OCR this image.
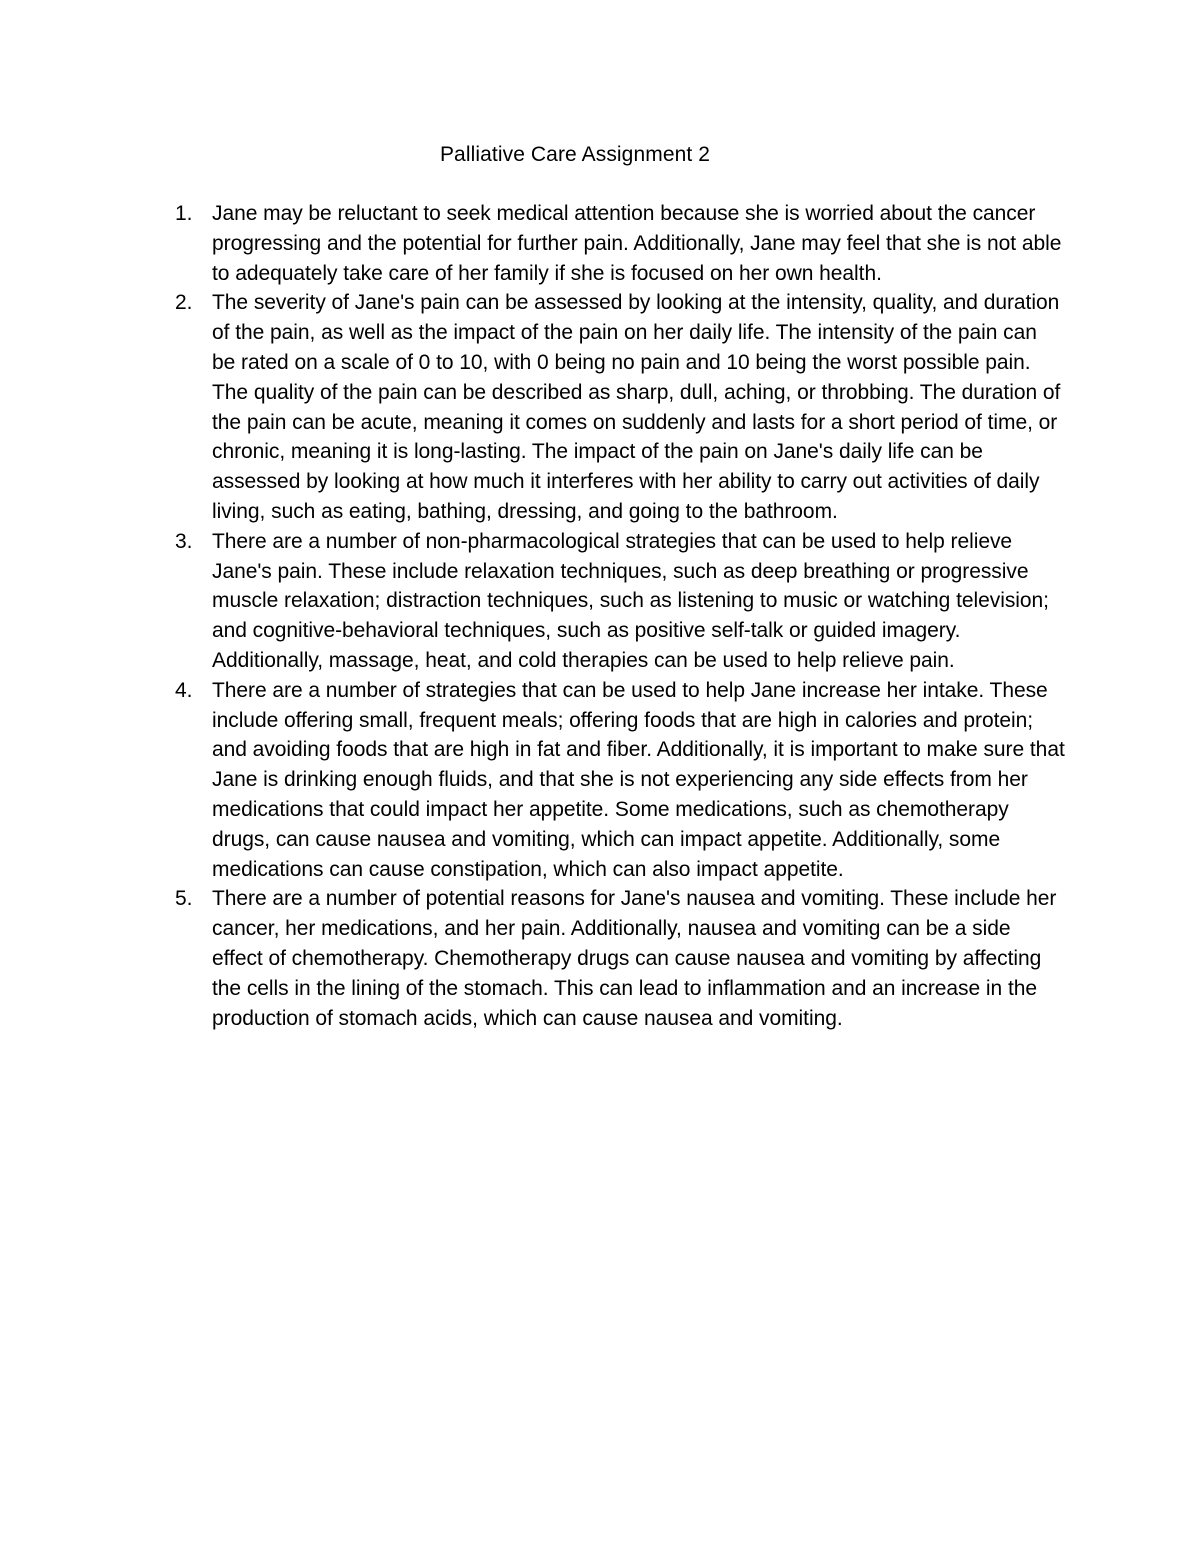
Palliative Care Assignment 2
1. Jane may be reluctant to seek medical attention because she is worried about the cancer progressing and the potential for further pain. Additionally, Jane may feel that she is not able to adequately take care of her family if she is focused on her own health.
2. The severity of Jane's pain can be assessed by looking at the intensity, quality, and duration of the pain, as well as the impact of the pain on her daily life. The intensity of the pain can be rated on a scale of 0 to 10, with 0 being no pain and 10 being the worst possible pain. The quality of the pain can be described as sharp, dull, aching, or throbbing. The duration of the pain can be acute, meaning it comes on suddenly and lasts for a short period of time, or chronic, meaning it is long-lasting. The impact of the pain on Jane's daily life can be assessed by looking at how much it interferes with her ability to carry out activities of daily living, such as eating, bathing, dressing, and going to the bathroom.
3. There are a number of non-pharmacological strategies that can be used to help relieve Jane's pain. These include relaxation techniques, such as deep breathing or progressive muscle relaxation; distraction techniques, such as listening to music or watching television; and cognitive-behavioral techniques, such as positive self-talk or guided imagery. Additionally, massage, heat, and cold therapies can be used to help relieve pain.
4. There are a number of strategies that can be used to help Jane increase her intake. These include offering small, frequent meals; offering foods that are high in calories and protein; and avoiding foods that are high in fat and fiber. Additionally, it is important to make sure that Jane is drinking enough fluids, and that she is not experiencing any side effects from her medications that could impact her appetite. Some medications, such as chemotherapy drugs, can cause nausea and vomiting, which can impact appetite. Additionally, some medications can cause constipation, which can also impact appetite.
5. There are a number of potential reasons for Jane's nausea and vomiting. These include her cancer, her medications, and her pain. Additionally, nausea and vomiting can be a side effect of chemotherapy. Chemotherapy drugs can cause nausea and vomiting by affecting the cells in the lining of the stomach. This can lead to inflammation and an increase in the production of stomach acids, which can cause nausea and vomiting.
